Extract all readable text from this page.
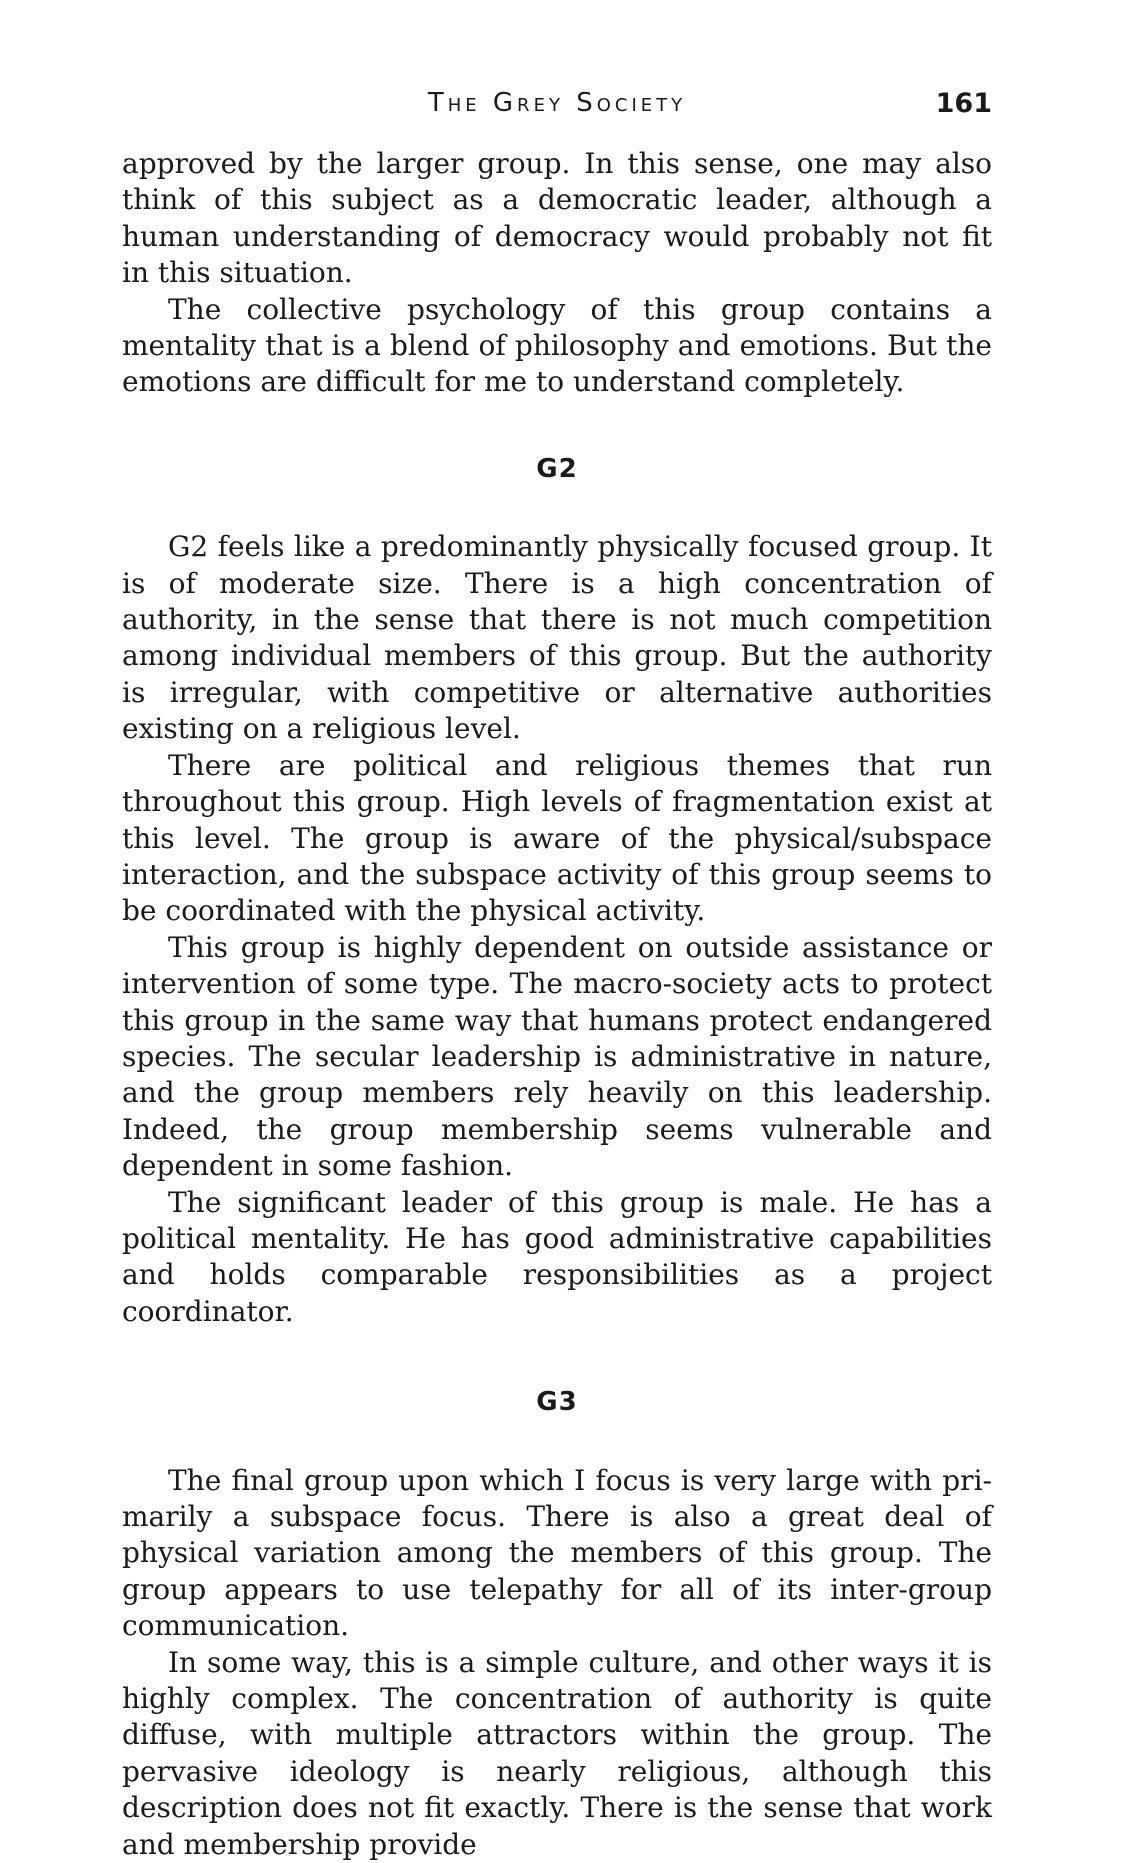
The Grey Society	161

approved by the larger group. In this sense, one may also think of this subject as a democratic leader, although a human understanding of democracy would probably not fit in this situation.

The collective psychology of this group contains a mentality that is a blend of philosophy and emotions. But the emotions are difficult for me to understand completely.

G2

G2 feels like a predominantly physically focused group. It is of moderate size. There is a high concentration of authority, in the sense that there is not much competition among individual members of this group. But the authority is irregular, with competitive or alternative authorities existing on a religious level.

There are political and religious themes that run throughout this group. High levels of fragmentation exist at this level. The group is aware of the physical/subspace interaction, and the subspace activity of this group seems to be coordinated with the physical activity.

This group is highly dependent on outside assistance or intervention of some type. The macro-society acts to protect this group in the same way that humans protect endangered species. The secular leadership is administrative in nature, and the group members rely heavily on this leadership. Indeed, the group membership seems vulnerable and dependent in some fashion.

The significant leader of this group is male. He has a political mentality. He has good administrative capabilities and holds comparable responsibilities as a project coordinator.

G3

The final group upon which I focus is very large with primarily a subspace focus. There is also a great deal of physical variation among the members of this group. The group appears to use telepathy for all of its inter-group communication.

In some way, this is a simple culture, and other ways it is highly complex. The concentration of authority is quite diffuse, with multiple attractors within the group. The pervasive ideology is nearly religious, although this description does not fit exactly. There is the sense that work and membership provide
